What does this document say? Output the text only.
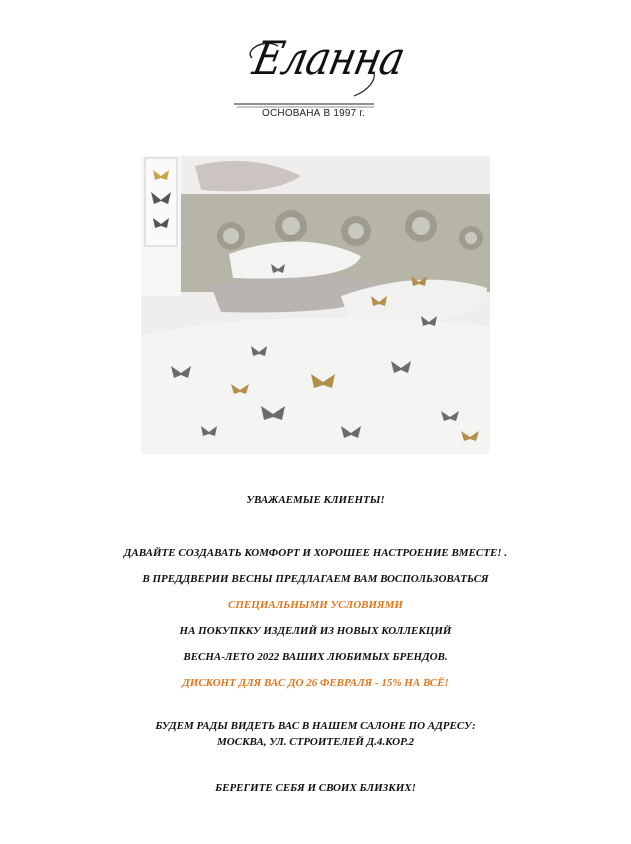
Еланна
ОСНОВАНА В 1997 г.
УВАЖАЕМЫЕ КЛИЕНТЫ!
ДАВАЙТЕ СОЗДАВАТЬ КОМФОРТ И ХОРОШЕЕ НАСТРОЕНИЕ ВМЕСТЕ! .
В ПРЕДДВЕРИИ ВЕСНЫ ПРЕДЛАГАЕМ ВАМ ВОСПОЛЬЗОВАТЬСЯ
СПЕЦИАЛЬНЫМИ УСЛОВИЯМИ
НА ПОКУПККУ ИЗДЕЛИЙ ИЗ НОВЫХ КОЛЛЕКЦИЙ
ВЕСНА-ЛЕТО 2022 ВАШИХ ЛЮБИМЫХ БРЕНДОВ.
ДИСКОНТ ДЛЯ ВАС ДО 26 ФЕВРАЛЯ - 15% НА ВСЁ!
БУДЕМ РАДЫ ВИДЕТЬ ВАС В НАШЕМ САЛОНЕ ПО АДРЕСУ:
МОСКВА, УЛ. СТРОИТЕЛЕЙ Д.4.КОР.2
БЕРЕГИТЕ СЕБЯ И СВОИХ БЛИЗКИХ!
